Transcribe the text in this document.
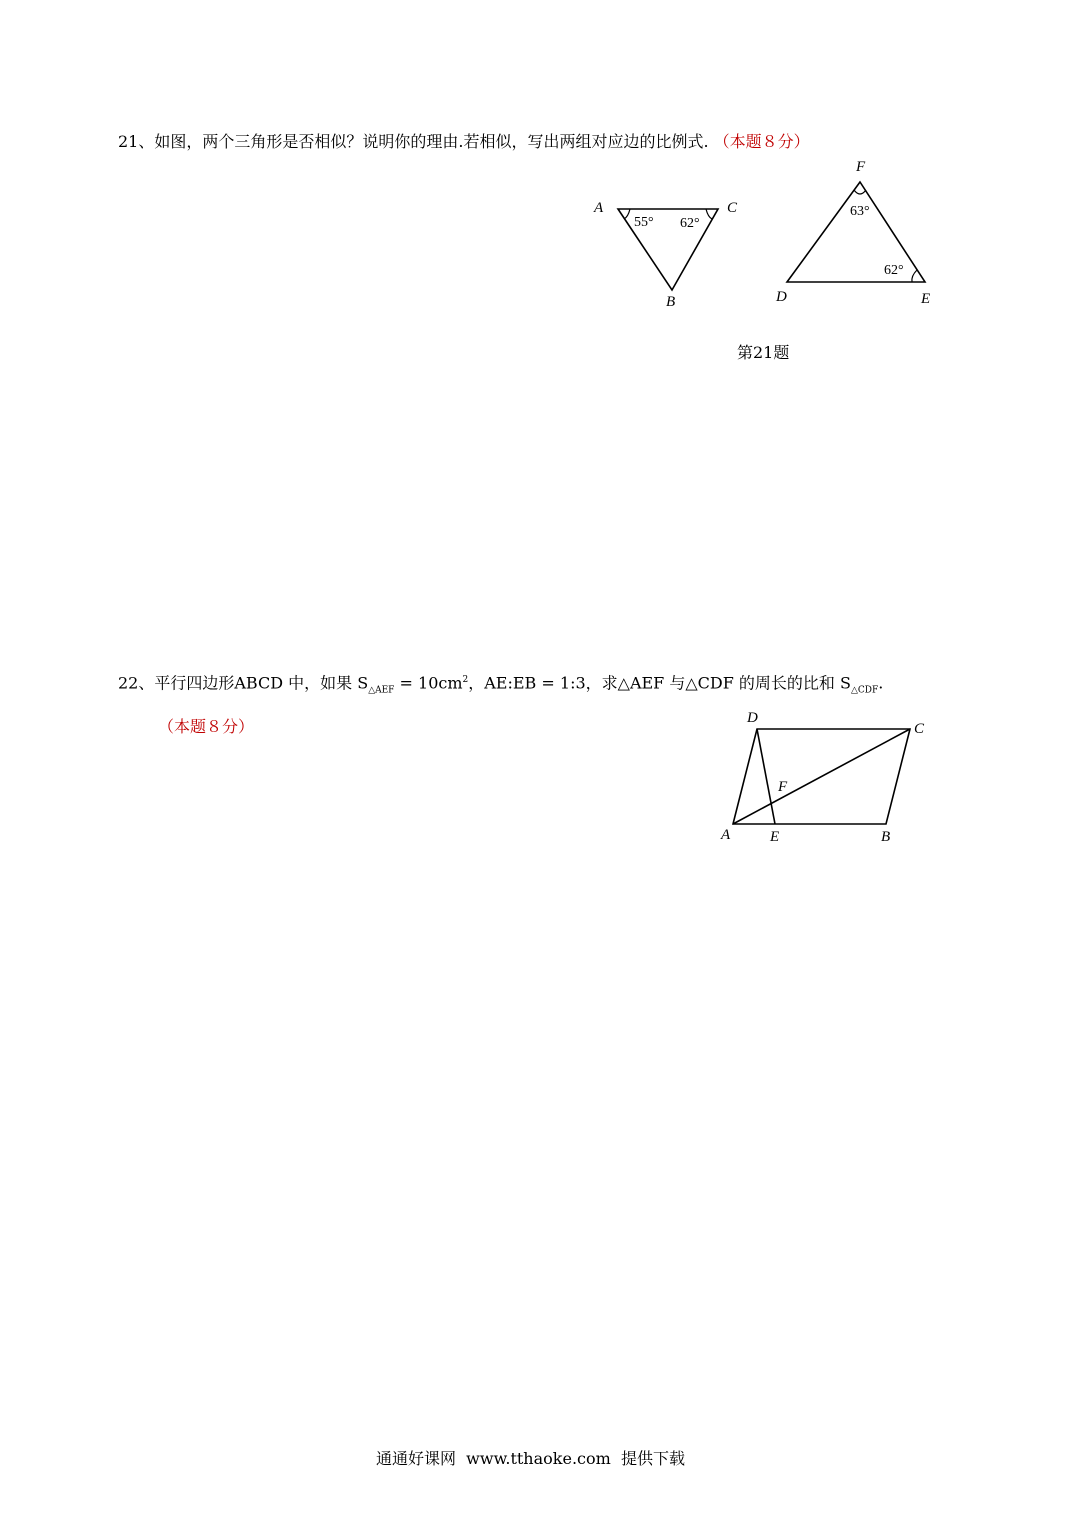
21、如图，两个三角形是否相似？说明你的理由.若相似，写出两组对应边的比例式. （本题８分）
A	C
B
55° 62°
F
D	E
63°
62°
第21题
22、平行四边形ABCD 中，如果 $S_{\triangle AEF} = 10cm^2$，AE:EB = 1:3，求△AEF 与△CDF 的周长的比和 $S_{\triangle CDF}$.
（本题８分）	D
C
F
A	E	B
通通好课网  www.tthaoke.com  提供下载
